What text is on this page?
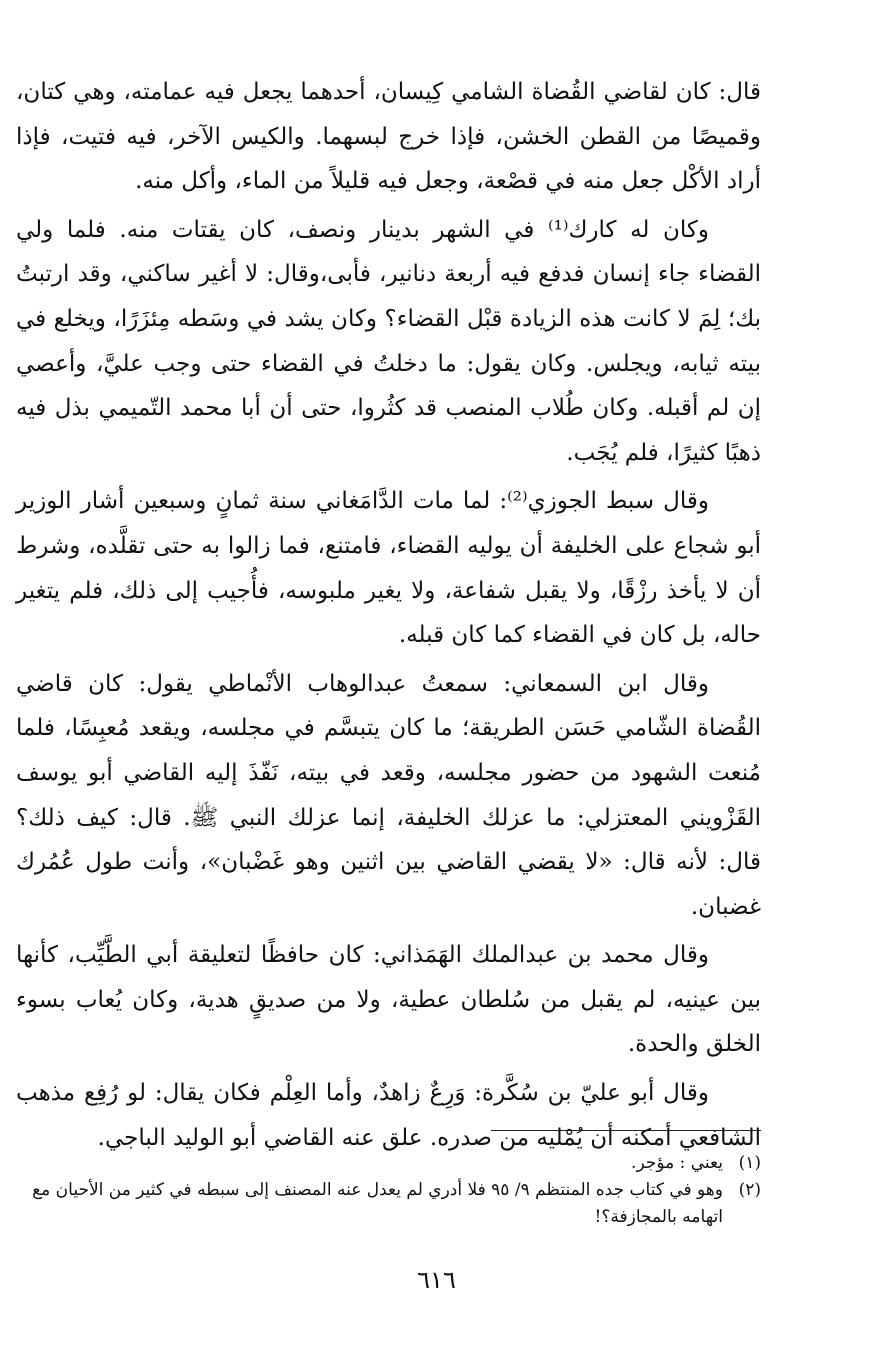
قال: كان لقاضي القُضاة الشامي كِيسان، أحدهما يجعل فيه عمامته، وهي كتان، وقميصًا من القطن الخشن، فإذا خرج لبسهما. والكيس الآخر، فيه فتيت، فإذا أراد الأكْل جعل منه في قصْعة، وجعل فيه قليلاً من الماء، وأكل منه.

وكان له كارك⁽¹⁾ في الشهر بدينار ونصف، كان يقتات منه. فلما ولي القضاء جاء إنسان فدفع فيه أربعة دنانير، فأبى،وقال: لا أغير ساكني، وقد ارتبتُ بك؛ لِمَ لا كانت هذه الزيادة قبْل القضاء؟ وكان يشد في وسَطه مِئزَرًا، ويخلع في بيته ثيابه، ويجلس. وكان يقول: ما دخلتُ في القضاء حتى وجب عليَّ، وأعصي إن لم أقبله. وكان طُلاب المنصب قد كثُروا، حتى أن أبا محمد التّميمي بذل فيه ذهبًا كثيرًا، فلم يُجَب.

وقال سبط الجوزي⁽²⁾: لما مات الدَّامَغاني سنة ثمانٍ وسبعين أشار الوزير أبو شجاع على الخليفة أن يوليه القضاء، فامتنع، فما زالوا به حتى تقلَّده، وشرط أن لا يأخذ رزْقًا، ولا يقبل شفاعة، ولا يغير ملبوسه، فأُجيب إلى ذلك، فلم يتغير حاله، بل كان في القضاء كما كان قبله.

وقال ابن السمعاني: سمعتُ عبدالوهاب الأنْماطي يقول: كان قاضي القُضاة الشّامي حَسَن الطريقة؛ ما كان يتبسَّم في مجلسه، ويقعد مُعبِسًا، فلما مُنعت الشهود من حضور مجلسه، وقعد في بيته، نَفّذَ إليه القاضي أبو يوسف القَزْويني المعتزلي: ما عزلك الخليفة، إنما عزلك النبي ﷺ. قال: كيف ذلك؟ قال: لأنه قال: «لا يقضي القاضي بين اثنين وهو غَضْبان»، وأنت طول عُمُرك غضبان.

وقال محمد بن عبدالملك الهَمَذاني: كان حافظًا لتعليقة أبي الطَّيِّب، كأنها بين عينيه، لم يقبل من سُلطان عطية، ولا من صديقٍ هدية، وكان يُعاب بسوء الخلق والحدة.

وقال أبو عليّ بن سُكَّرة: وَرِعٌ زاهدٌ، وأما العِلْم فكان يقال: لو رُفِع مذهب الشافعي أمكنه أن يُمْليه من صدره. علق عنه القاضي أبو الوليد الباجي.

(١)
يعني : مؤجر.
(٢)
وهو في كتاب جده المنتظم ٩/ ٩٥ فلا أدري لم يعدل عنه المصنف إلى سبطه في كثير من الأحيان مع اتهامه بالمجازفة؟!
٦١٦
